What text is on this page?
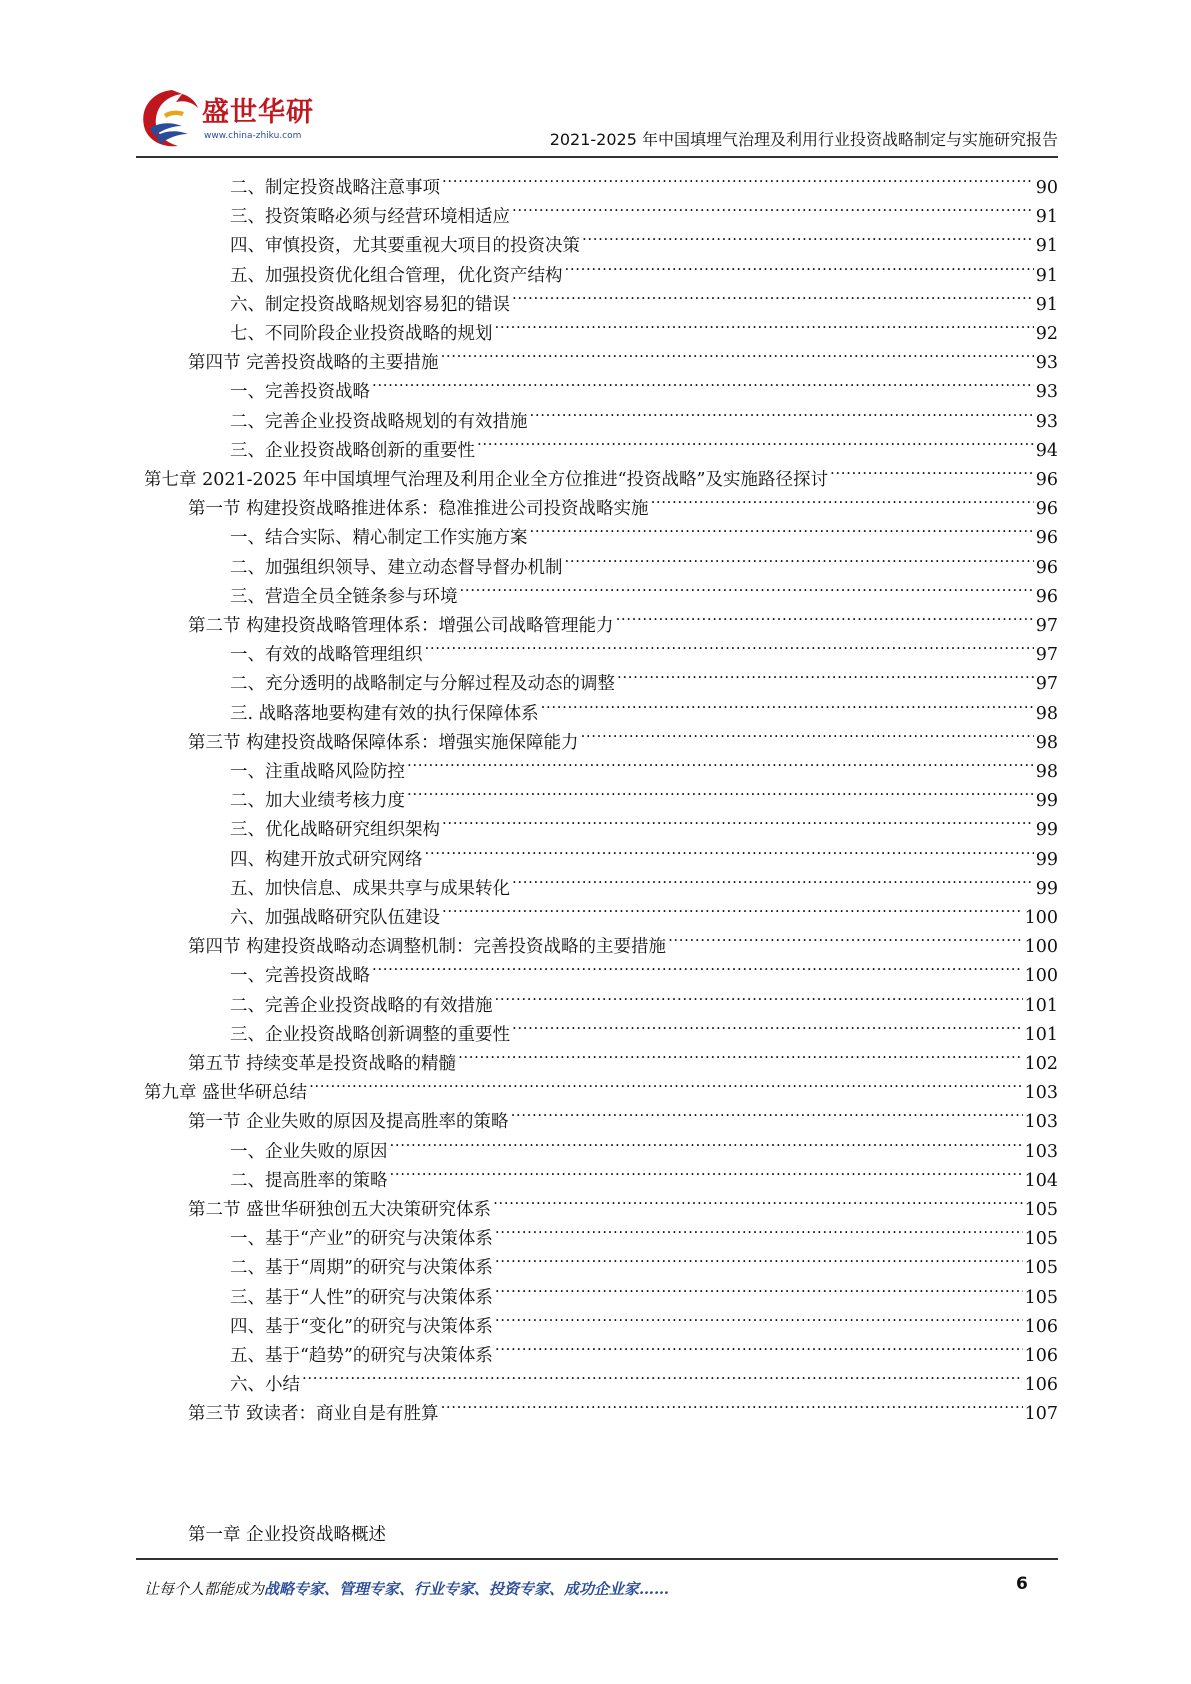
盛世华研
www.china-zhiku.com	2021-2025 年中国填埋气治理及利用行业投资战略制定与实施研究报告
二、制定投资战略注意事项 .....	90
三、投资策略必须与经营环境相适应 .....	91
四、审慎投资，尤其要重视大项目的投资决策 .....	91
五、加强投资优化组合管理，优化资产结构 .....	91
六、制定投资战略规划容易犯的错误 .....	91
七、不同阶段企业投资战略的规划 .....	92
第四节 完善投资战略的主要措施 .....	93
一、完善投资战略 .....	93
二、完善企业投资战略规划的有效措施 .....	93
三、企业投资战略创新的重要性 .....	94
第七章 2021-2025 年中国填埋气治理及利用企业全方位推进“投资战略”及实施路径探讨 .....	96
第一节 构建投资战略推进体系：稳准推进公司投资战略实施 .....	96
一、结合实际、精心制定工作实施方案 .....	96
二、加强组织领导、建立动态督导督办机制 .....	96
三、营造全员全链条参与环境 .....	96
第二节 构建投资战略管理体系：增强公司战略管理能力 .....	97
一、有效的战略管理组织 .....	97
二、充分透明的战略制定与分解过程及动态的调整 .....	97
三. 战略落地要构建有效的执行保障体系 .....	98
第三节 构建投资战略保障体系：增强实施保障能力 .....	98
一、注重战略风险防控 .....	98
二、加大业绩考核力度 .....	99
三、优化战略研究组织架构 .....	99
四、构建开放式研究网络 .....	99
五、加快信息、成果共享与成果转化 .....	99
六、加强战略研究队伍建设 .....	100
第四节 构建投资战略动态调整机制：完善投资战略的主要措施 .....	100
一、完善投资战略 .....	100
二、完善企业投资战略的有效措施 .....	101
三、企业投资战略创新调整的重要性 .....	101
第五节 持续变革是投资战略的精髓 .....	102
第九章 盛世华研总结 .....	103
第一节 企业失败的原因及提高胜率的策略 .....	103
一、企业失败的原因 .....	103
二、提高胜率的策略 .....	104
第二节 盛世华研独创五大决策研究体系 .....	105
一、基于“产业”的研究与决策体系 .....	105
二、基于“周期”的研究与决策体系 .....	105
三、基于“人性”的研究与决策体系 .....	105
四、基于“变化”的研究与决策体系 .....	106
五、基于“趋势”的研究与决策体系 .....	106
六、小结 .....	106
第三节 致读者：商业自是有胜算 .....	107
第一章 企业投资战略概述
让每个人都能成为战略专家、管理专家、行业专家、投资专家、成功企业家……	6
